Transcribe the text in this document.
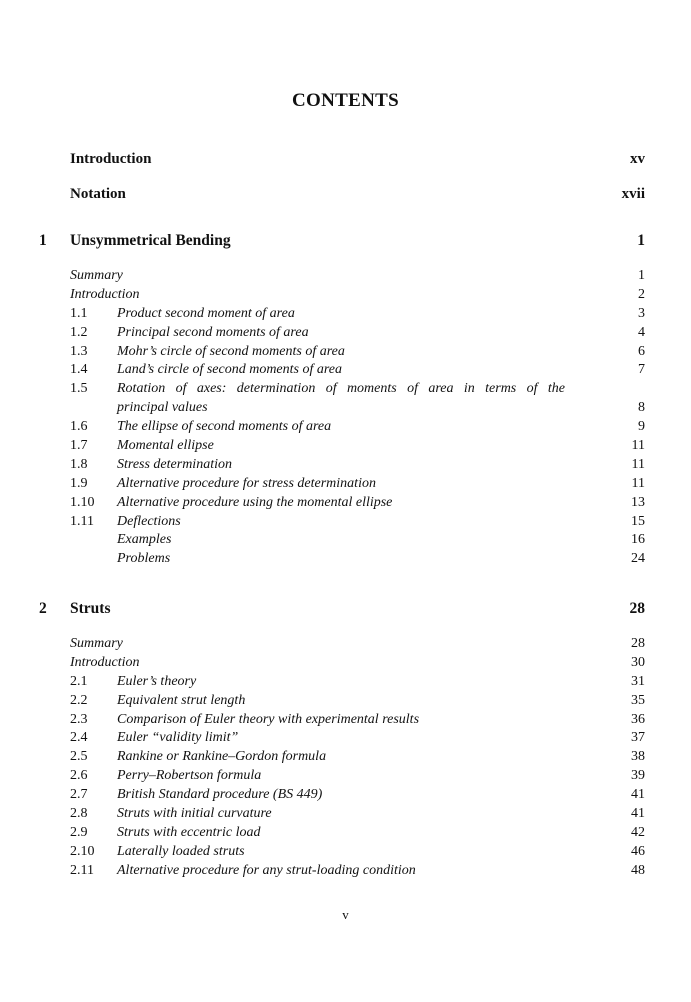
CONTENTS
Introduction	xv
Notation	xvii
1	Unsymmetrical Bending	1
Summary	1
Introduction	2
1.1	Product second moment of area	3
1.2	Principal second moments of area	4
1.3	Mohr’s circle of second moments of area	6
1.4	Land’s circle of second moments of area	7
1.5	Rotation of axes: determination of moments of area in terms of the
principal values	8
1.6	The ellipse of second moments of area	9
1.7	Momental ellipse	11
1.8	Stress determination	11
1.9	Alternative procedure for stress determination	11
1.10	Alternative procedure using the momental ellipse	13
1.11	Deflections	15
Examples	16
Problems	24
2	Struts	28
Summary	28
Introduction	30
2.1	Euler’s theory	31
2.2	Equivalent strut length	35
2.3	Comparison of Euler theory with experimental results	36
2.4	Euler “validity limit”	37
2.5	Rankine or Rankine–Gordon formula	38
2.6	Perry–Robertson formula	39
2.7	British Standard procedure (BS 449)	41
2.8	Struts with initial curvature	41
2.9	Struts with eccentric load	42
2.10	Laterally loaded struts	46
2.11	Alternative procedure for any strut-loading condition	48
v
